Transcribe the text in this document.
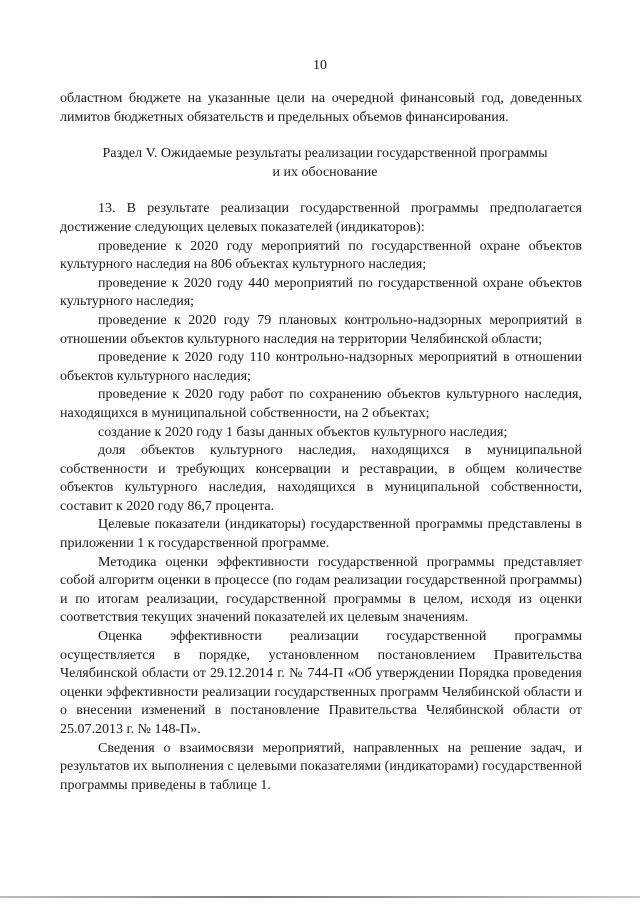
10

областном бюджете на указанные цели на очередной финансовый год, доведенных лимитов бюджетных обязательств и предельных объемов финансирования.

Раздел V. Ожидаемые результаты реализации государственной программы и их обоснование

13. В результате реализации государственной программы предполагается достижение следующих целевых показателей (индикаторов):

проведение к 2020 году мероприятий по государственной охране объектов культурного наследия на 806 объектах культурного наследия;

проведение к 2020 году 440 мероприятий по государственной охране объектов культурного наследия;

проведение к 2020 году 79 плановых контрольно-надзорных мероприятий в отношении объектов культурного наследия на территории Челябинской области;

проведение к 2020 году 110 контрольно-надзорных мероприятий в отношении объектов культурного наследия;

проведение к 2020 году работ по сохранению объектов культурного наследия, находящихся в муниципальной собственности, на 2 объектах;

создание к 2020 году 1 базы данных объектов культурного наследия;

доля объектов культурного наследия, находящихся в муниципальной собственности и требующих консервации и реставрации, в общем количестве объектов культурного наследия, находящихся в муниципальной собственности, составит к 2020 году 86,7 процента.

Целевые показатели (индикаторы) государственной программы представлены в приложении 1 к государственной программе.

Методика оценки эффективности государственной программы представляет собой алгоритм оценки в процессе (по годам реализации государственной программы) и по итогам реализации, государственной программы в целом, исходя из оценки соответствия текущих значений показателей их целевым значениям.

Оценка эффективности реализации государственной программы осуществляется в порядке, установленном постановлением Правительства Челябинской области от 29.12.2014 г. № 744-П «Об утверждении Порядка проведения оценки эффективности реализации государственных программ Челябинской области и о внесении изменений в постановление Правительства Челябинской области от 25.07.2013 г. № 148-П».

Сведения о взаимосвязи мероприятий, направленных на решение задач, и результатов их выполнения с целевыми показателями (индикаторами) государственной программы приведены в таблице 1.
